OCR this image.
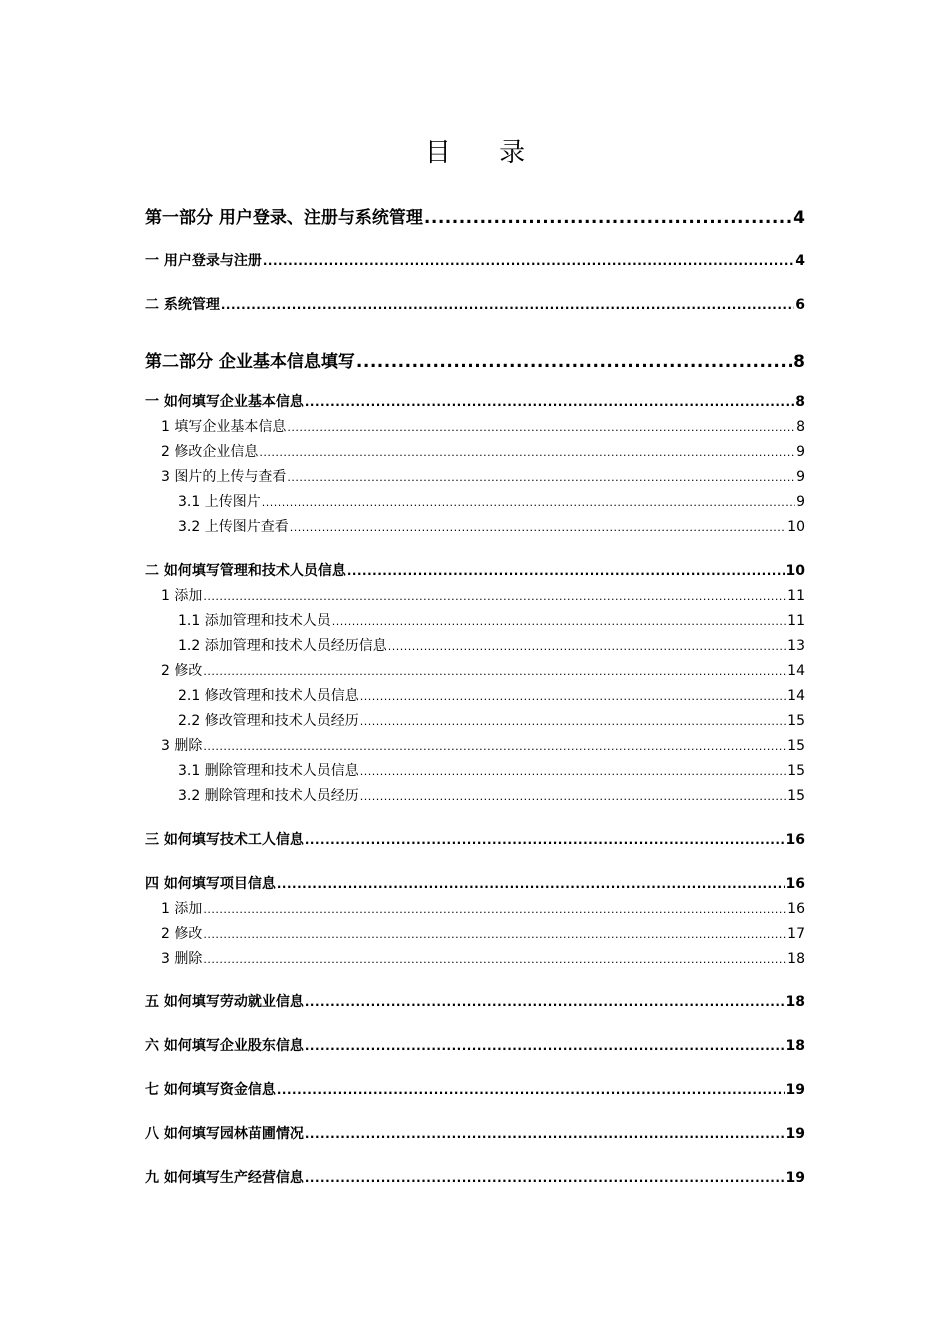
目 录
第一部分 用户登录、注册与系统管理 .....	4
一 用户登录与注册 .....	4
二 系统管理 .....	6
第二部分 企业基本信息填写 .....	8
一 如何填写企业基本信息 .....	8
1 填写企业基本信息 .....	8
2 修改企业信息 .....	9
3 图片的上传与查看 .....	9
3.1 上传图片 .....	9
3.2 上传图片查看 .....	10
二 如何填写管理和技术人员信息 .....	10
1 添加 .....	11
1.1 添加管理和技术人员 .....	11
1.2 添加管理和技术人员经历信息 .....	13
2 修改 .....	14
2.1 修改管理和技术人员信息 .....	14
2.2 修改管理和技术人员经历 .....	15
3 删除 .....	15
3.1 删除管理和技术人员信息 .....	15
3.2 删除管理和技术人员经历 .....	15
三 如何填写技术工人信息 .....	16
四 如何填写项目信息 .....	16
1 添加 .....	16
2 修改 .....	17
3 删除 .....	18
五 如何填写劳动就业信息 .....	18
六 如何填写企业股东信息 .....	18
七 如何填写资金信息 .....	19
八 如何填写园林苗圃情况 .....	19
九 如何填写生产经营信息 .....	19
